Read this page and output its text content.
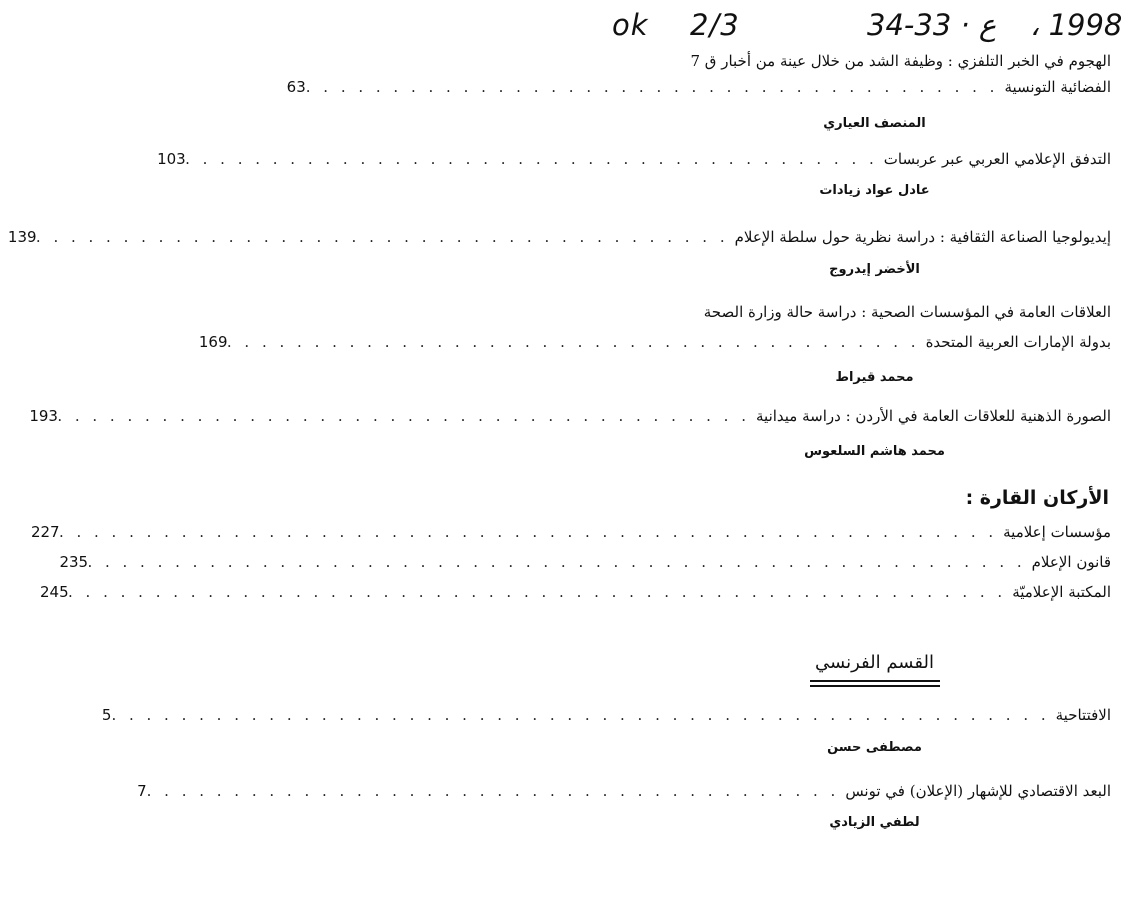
ok 2/3	34-33 · ع ، 1998
الهجوم في الخبر التلفزي : وظيفة الشد من خلال عينة من أخبار ق 7
الفضائية التونسية
. . . . . . . . . . . . . . . . . . . . . . . . . . . . . . . . . . . . . . . .
63
المنصف العياري
التدفق الإعلامي العربي عبر عربسات
. . . . . . . . . . . . . . . . . . . . . . . . . . . . . . . . . . . . . . . .
103
عادل عواد زيادات
إيديولوجيا الصناعة الثقافية : دراسة نظرية حول سلطة الإعلام
. . . . . . . . . . . . . . . . . . . . . . . . . . . . . . . . . . . . . . . .
139
الأخضر إيدروج
العلاقات العامة في المؤسسات الصحية : دراسة حالة وزارة الصحة
بدولة الإمارات العربية المتحدة
. . . . . . . . . . . . . . . . . . . . . . . . . . . . . . . . . . . . . . . .
169
محمد قيراط
الصورة الذهنية للعلاقات العامة في الأردن : دراسة ميدانية
. . . . . . . . . . . . . . . . . . . . . . . . . . . . . . . . . . . . . . . .
193
محمد هاشم السلعوس
الأركان القارة :
مؤسسات إعلامية
. . . . . . . . . . . . . . . . . . . . . . . . . . . . . . . . . . . . . . . . . . . . . . . . . . . . . .
227
قانون الإعلام
. . . . . . . . . . . . . . . . . . . . . . . . . . . . . . . . . . . . . . . . . . . . . . . . . . . . . .
235
المكتبة الإعلاميّة
. . . . . . . . . . . . . . . . . . . . . . . . . . . . . . . . . . . . . . . . . . . . . . . . . . . . . .
245
القسم الفرنسي
الافتتاحية
. . . . . . . . . . . . . . . . . . . . . . . . . . . . . . . . . . . . . . . . . . . . . . . . . . . . . .
5
مصطفى حسن
البعد الاقتصادي للإشهار (الإعلان) في تونس
. . . . . . . . . . . . . . . . . . . . . . . . . . . . . . . . . . . . . . . .
7
لطفي الزيادي
